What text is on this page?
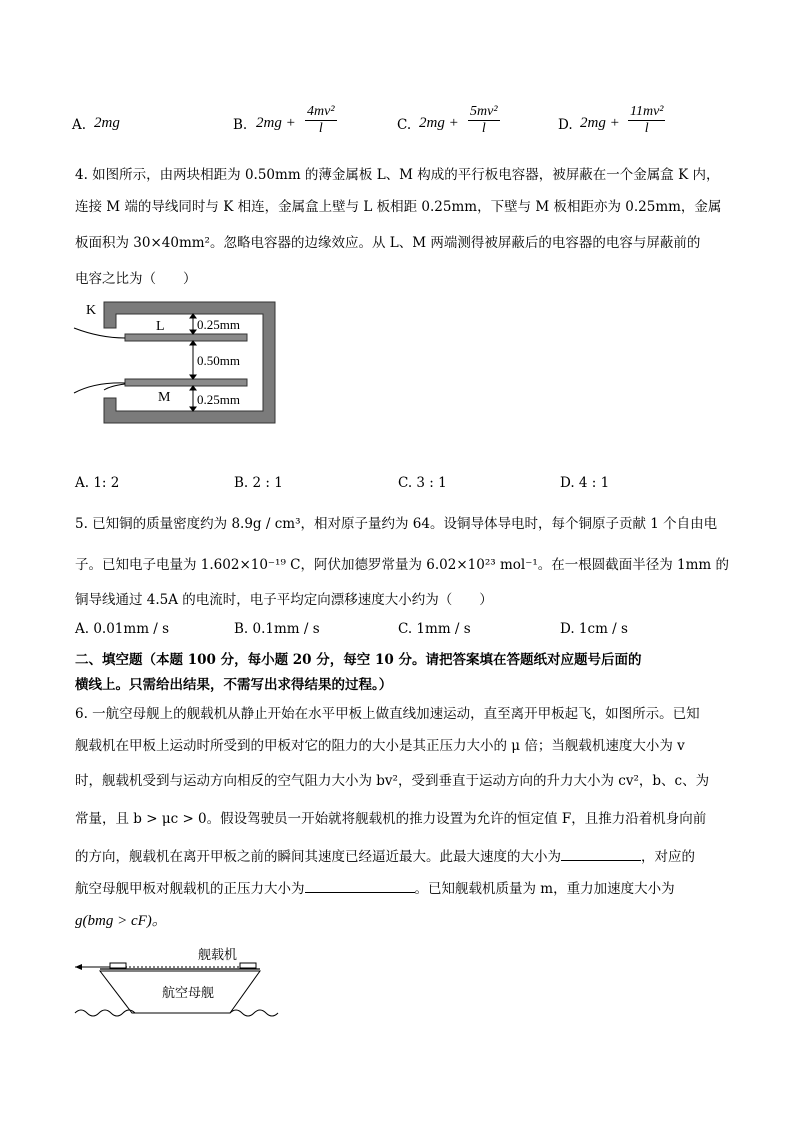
A. 2mg	B. $2mg + \frac{\text{4mv²}}{l}$	C. $2mg + \frac{\text{5mv²}}{l}$	D. $2mg + \frac{\text{11mv²}}{l}$
4. 如图所示，由两块相距为 0.50mm 的薄金属板 L、M 构成的平行板电容器，被屏蔽在一个金属盒 K 内，
连接 M 端的导线同时与 K 相连，金属盒上壁与 L 板相距 0.25mm，下壁与 M 板相距亦为 0.25mm，金属
板面积为 30×40mm²。忽略电容器的边缘效应。从 L、M 两端测得被屏蔽后的电容器的电容与屏蔽前的
电容之比为（　　）
K
L
M
0.25mm
0.50mm
0.25mm
A. 1: 2	B. 2 : 1	C. 3 : 1	D. 4 : 1
5. 已知铜的质量密度约为 8.9g / cm³，相对原子量约为 64。设铜导体导电时，每个铜原子贡献 1 个自由电
子。已知电子电量为 1.602×10⁻¹⁹ C，阿伏加德罗常量为 6.02×10²³ mol⁻¹。在一根圆截面半径为 1mm 的
铜导线通过 4.5A 的电流时，电子平均定向漂移速度大小约为（　　）
A. 0.01mm / s	B. 0.1mm / s	C. 1mm / s	D. 1cm / s
二、填空题（本题 100 分，每小题 20 分，每空 10 分。请把答案填在答题纸对应题号后面的
横线上。只需给出结果，不需写出求得结果的过程。）
6. 一航空母舰上的舰载机从静止开始在水平甲板上做直线加速运动，直至离开甲板起飞，如图所示。已知
舰载机在甲板上运动时所受到的甲板对它的阻力的大小是其正压力大小的 μ 倍；当舰载机速度大小为 v
时，舰载机受到与运动方向相反的空气阻力大小为 bv²，受到垂直于运动方向的升力大小为 cv²，b、c、为
常量，且 b > μc > 0。假设驾驶员一开始就将舰载机的推力设置为允许的恒定值 F，且推力沿着机身向前
的方向，舰载机在离开甲板之前的瞬间其速度已经逼近最大。此最大速度的大小为	，对应的
航空母舰甲板对舰载机的正压力大小为	。已知舰载机质量为 m，重力加速度大小为
g(bmg > cF)。
舰载机
航空母舰
